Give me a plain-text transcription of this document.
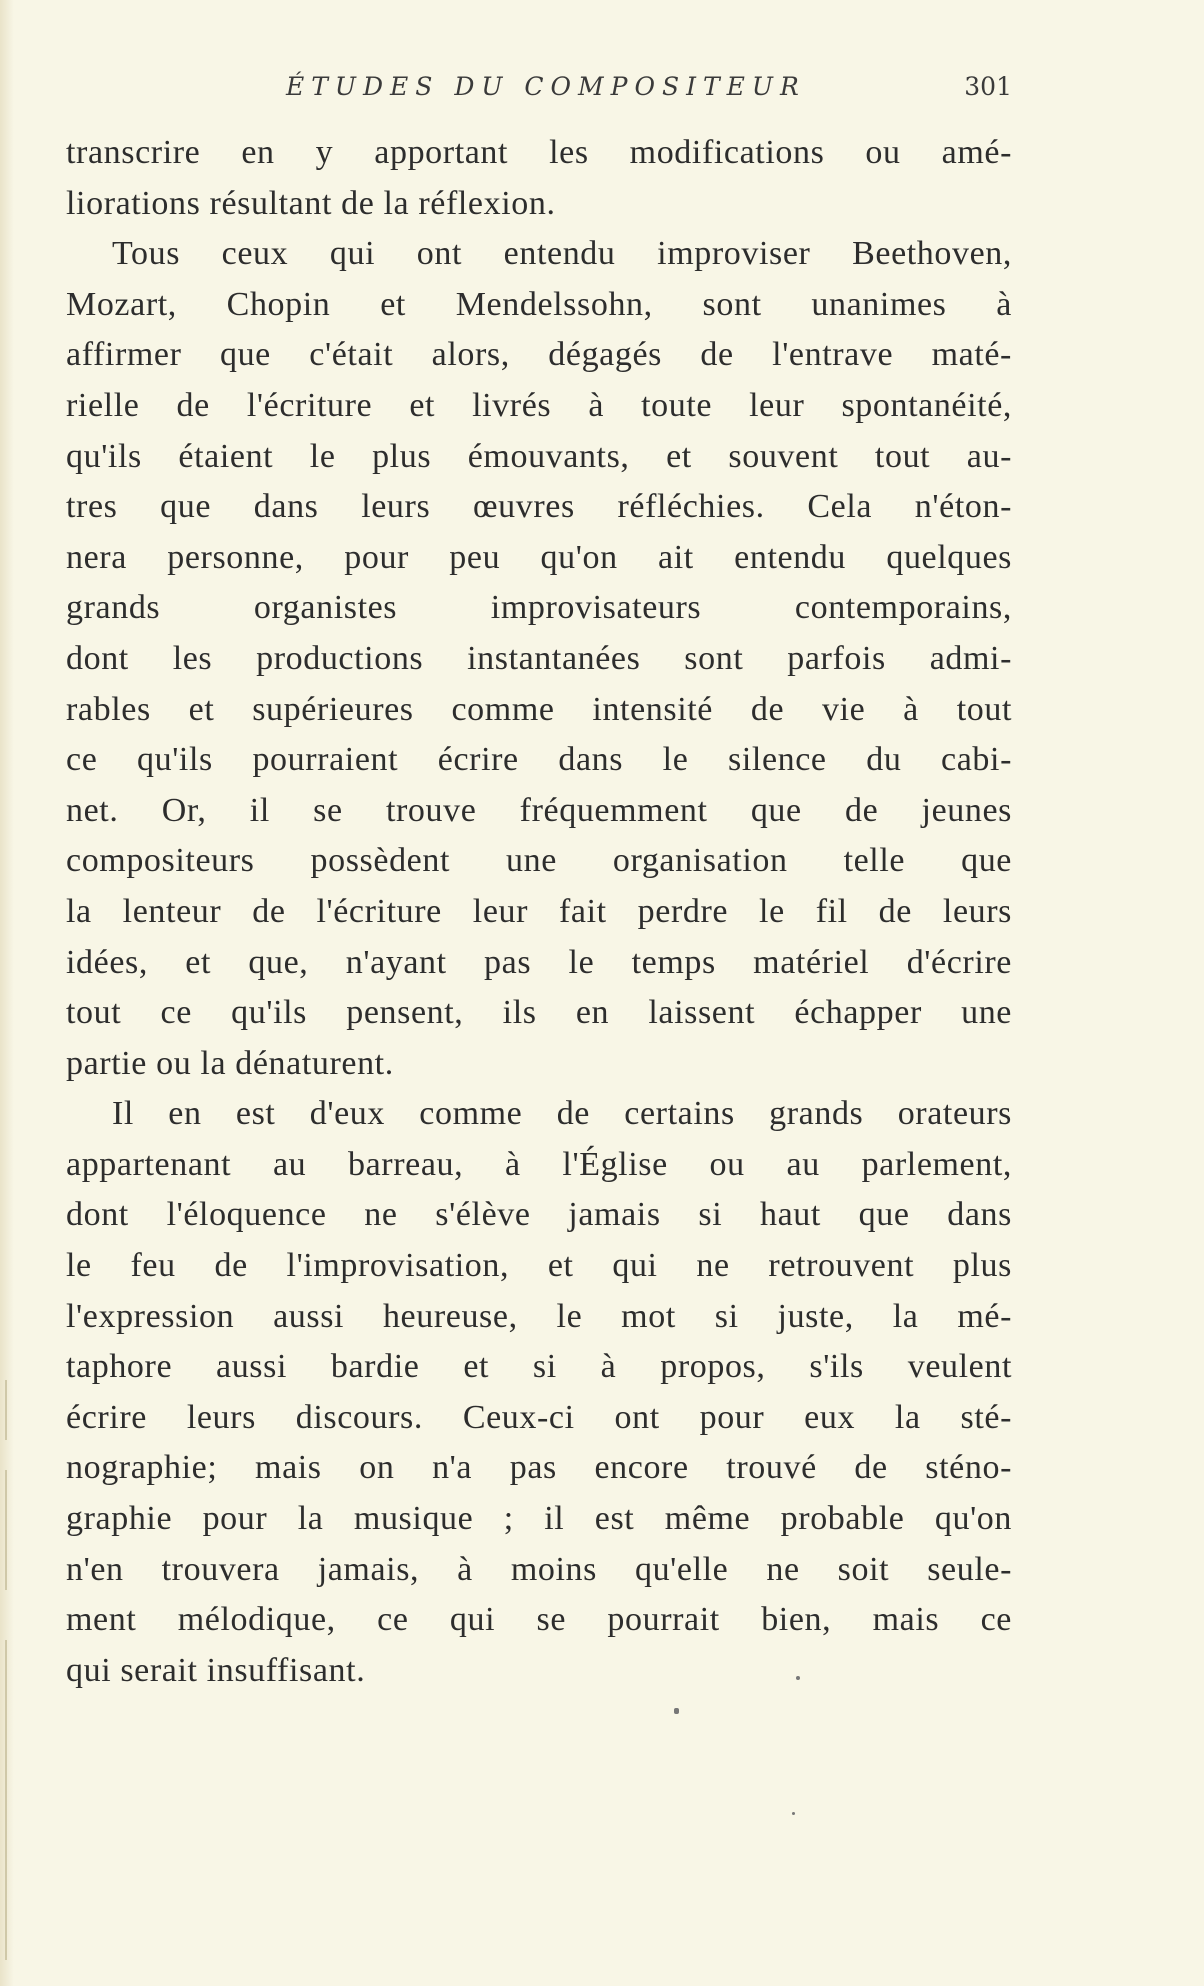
ÉTUDES DU COMPOSITEUR	301
transcrire en y apportant les modifications ou amé-
liorations résultant de la réflexion.
Tous ceux qui ont entendu improviser Beethoven,
Mozart, Chopin et Mendelssohn, sont unanimes à
affirmer que c'était alors, dégagés de l'entrave maté-
rielle de l'écriture et livrés à toute leur spontanéité,
qu'ils étaient le plus émouvants, et souvent tout au-
tres que dans leurs œuvres réfléchies. Cela n'éton-
nera personne, pour peu qu'on ait entendu quelques
grands organistes improvisateurs contemporains,
dont les productions instantanées sont parfois admi-
rables et supérieures comme intensité de vie à tout
ce qu'ils pourraient écrire dans le silence du cabi-
net. Or, il se trouve fréquemment que de jeunes
compositeurs possèdent une organisation telle que
la lenteur de l'écriture leur fait perdre le fil de leurs
idées, et que, n'ayant pas le temps matériel d'écrire
tout ce qu'ils pensent, ils en laissent échapper une
partie ou la dénaturent.
Il en est d'eux comme de certains grands orateurs
appartenant au barreau, à l'Église ou au parlement,
dont l'éloquence ne s'élève jamais si haut que dans
le feu de l'improvisation, et qui ne retrouvent plus
l'expression aussi heureuse, le mot si juste, la mé-
taphore aussi bardie et si à propos, s'ils veulent
écrire leurs discours. Ceux-ci ont pour eux la sté-
nographie; mais on n'a pas encore trouvé de sténo-
graphie pour la musique ; il est même probable qu'on
n'en trouvera jamais, à moins qu'elle ne soit seule-
ment mélodique, ce qui se pourrait bien, mais ce
qui serait insuffisant.
